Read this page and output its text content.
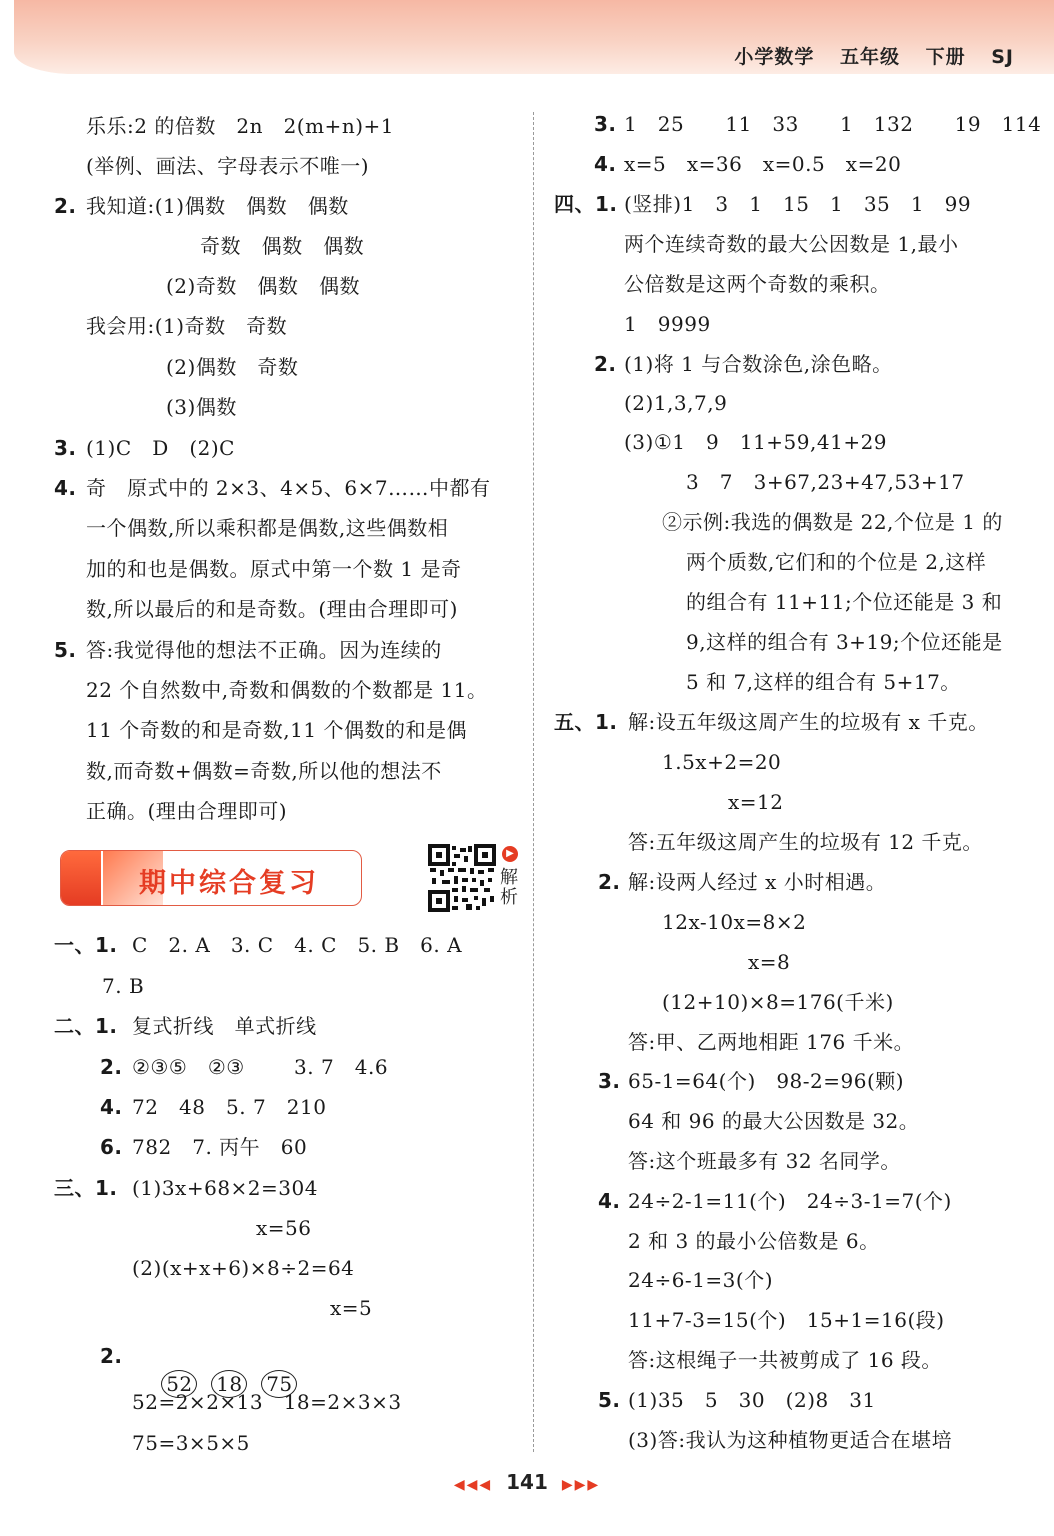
小学数学 五年级 下册 SJ
乐乐:2 的倍数   2n   2(m+n)+1
(举例、画法、字母表示不唯一)
2. 我知道:(1)偶数   偶数   偶数
奇数   偶数   偶数
(2)奇数   偶数   偶数
我会用:(1)奇数   奇数
(2)偶数   奇数
(3)偶数
3. (1)C   D   (2)C
4. 奇   原式中的 2×3、4×5、6×7……中都有
一个偶数,所以乘积都是偶数,这些偶数相
加的和也是偶数。原式中第一个数 1 是奇
数,所以最后的和是奇数。(理由合理即可)
5. 答:我觉得他的想法不正确。因为连续的
22 个自然数中,奇数和偶数的个数都是 11。
11 个奇数的和是奇数,11 个偶数的和是偶
数,而奇数+偶数=奇数,所以他的想法不
正确。(理由合理即可)
期中综合复习
▶
解析
一、1. C   2. A   3. C   4. C   5. B   6. A
7. B
二、1. 复式折线   单式折线
2. ②③⑤   ②③ 3. 7   4.6
4. 72   48   5. 7   210
6. 782   7. 丙午   60
三、1. (1)3x+68×2=304
x=56
(2)(x+x+6)×8÷2=64
x=5
2.

52 18 75

52=2×2×13   18=2×3×3
75=3×5×5
3. 1   25      11   33      1   132      19   114
4. x=5   x=36   x=0.5   x=20
四、1. (竖排)1   3   1   15   1   35   1   99
两个连续奇数的最大公因数是 1,最小
公倍数是这两个奇数的乘积。
1   9999
2. (1)将 1 与合数涂色,涂色略。
(2)1,3,7,9
(3)①1   9   11+59,41+29
3   7   3+67,23+47,53+17
②示例:我选的偶数是 22,个位是 1 的
两个质数,它们和的个位是 2,这样
的组合有 11+11;个位还能是 3 和
9,这样的组合有 3+19;个位还能是
5 和 7,这样的组合有 5+17。
五、1. 解:设五年级这周产生的垃圾有 x 千克。
1.5x+2=20
x=12
答:五年级这周产生的垃圾有 12 千克。
2. 解:设两人经过 x 小时相遇。
12x-10x=8×2
x=8
(12+10)×8=176(千米)
答:甲、乙两地相距 176 千米。
3. 65-1=64(个)   98-2=96(颗)
64 和 96 的最大公因数是 32。
答:这个班最多有 32 名同学。
4. 24÷2-1=11(个)   24÷3-1=7(个)
2 和 3 的最小公倍数是 6。
24÷6-1=3(个)
11+7-3=15(个)   15+1=16(段)
答:这根绳子一共被剪成了 16 段。
5. (1)35   5   30   (2)8   31
(3)答:我认为这种植物更适合在堪培
◀◀◀ 141 ▶▶▶
